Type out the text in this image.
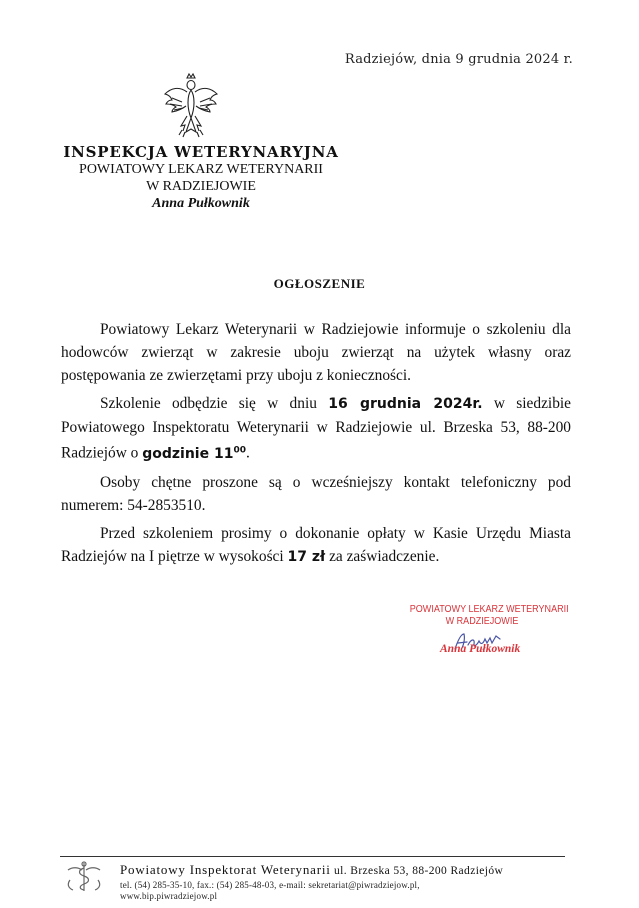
Radziejów, dnia 9 grudnia 2024 r.
INSPEKCJA WETERYNARYJNA
POWIATOWY LEKARZ WETERYNARII
W RADZIEJOWIE
Anna Pułkownik
OGŁOSZENIE

Powiatowy Lekarz Weterynarii w Radziejowie informuje o szkoleniu dla hodowców zwierząt w zakresie uboju zwierząt na użytek własny oraz postępowania ze zwierzętami przy uboju z konieczności.

Szkolenie odbędzie się w dniu 16 grudnia 2024r. w siedzibie Powiatowego Inspektoratu Weterynarii w Radziejowie ul. Brzeska 53, 88-200 Radziejów o godzinie $11^{00}$.

Osoby chętne proszone są o wcześniejszy kontakt telefoniczny pod numerem: 54-2853510.

Przed szkoleniem prosimy o dokonanie opłaty w Kasie Urzędu Miasta Radziejów na I piętrze w wysokości 17 zł za zaświadczenie.

POWIATOWY LEKARZ WETERYNARII
W RADZIEJOWIE
Anna Pułkownik
Powiatowy Inspektorat Weterynarii ul. Brzeska 53, 88-200 Radziejów
tel. (54) 285-35-10, fax.: (54) 285-48-03, e-mail: sekretariat@piwradziejow.pl,
www.bip.piwradziejow.pl
